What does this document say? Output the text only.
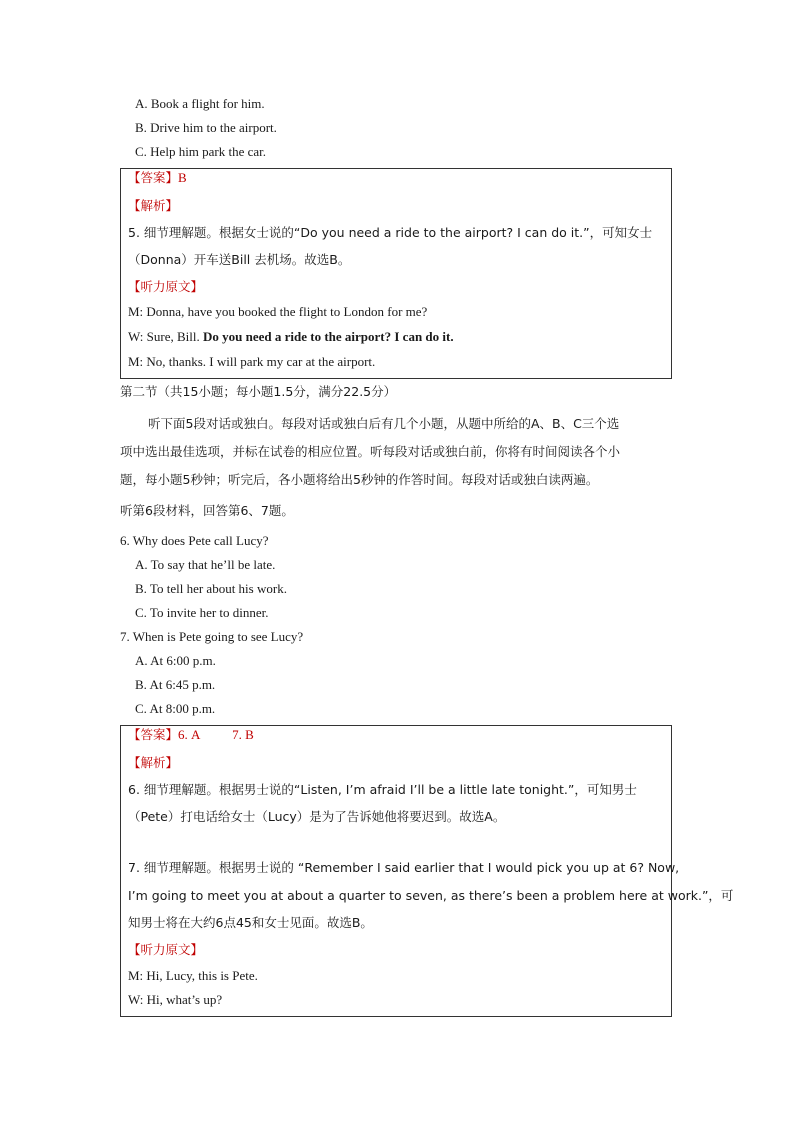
A. Book a flight for him.
B. Drive him to the airport.
C. Help him park the car.
【答案】B
【解析】
5. 细节理解题。根据女士说的“Do you need a ride to the airport? I can do it.”，可知女士
（Donna）开车送Bill 去机场。故选B。
【听力原文】
M: Donna, have you booked the flight to London for me?
W: Sure, Bill. Do you need a ride to the airport? I can do it.
M: No, thanks. I will park my car at the airport.
第二节（共15小题；每小题1.5分，满分22.5分）
听下面5段对话或独白。每段对话或独白后有几个小题，从题中所给的A、B、C三个选
项中选出最佳选项，并标在试卷的相应位置。听每段对话或独白前，你将有时间阅读各个小
题，每小题5秒钟；听完后，各小题将给出5秒钟的作答时间。每段对话或独白读两遍。
听第6段材料，回答第6、7题。
6. Why does Pete call Lucy?
A. To say that he’ll be late.
B. To tell her about his work.
C. To invite her to dinner.
7. When is Pete going to see Lucy?
A. At 6:00 p.m.
B. At 6:45 p.m.
C. At 8:00 p.m.
【答案】6. A          7. B
【解析】
6. 细节理解题。根据男士说的“Listen, I’m afraid I’ll be a little late tonight.”，可知男士
（Pete）打电话给女士（Lucy）是为了告诉她他将要迟到。故选A。
7. 细节理解题。根据男士说的 “Remember I said earlier that I would pick you up at 6? Now,
I’m going to meet you at about a quarter to seven, as there’s been a problem here at work.”，可
知男士将在大约6点45和女士见面。故选B。
【听力原文】
M: Hi, Lucy, this is Pete.
W: Hi, what’s up?
